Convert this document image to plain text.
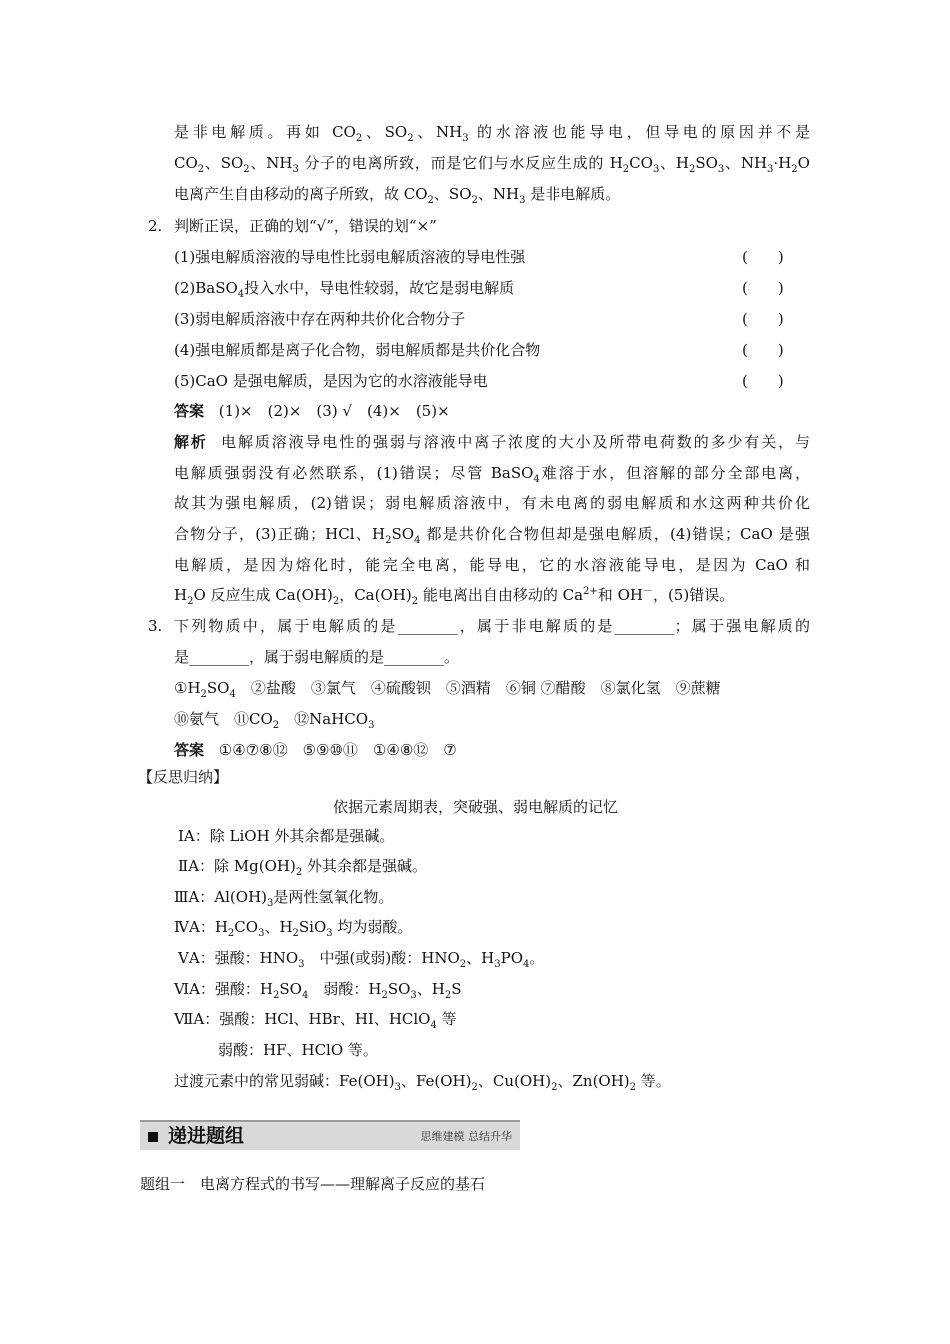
是非电解质。再如 $CO_2$、$SO_2$、$NH_3$ 的水溶液也能导电，但导电的原因并不是
$CO_2$、$SO_2$、$NH_3$ 分子的电离所致，而是它们与水反应生成的 $H_2CO_3$、$H_2SO_3$、$NH_3\cdot H_2O$
电离产生自由移动的离子所致，故 $CO_2$、$SO_2$、$NH_3$ 是非电解质。
2. 判断正误，正确的划“√”，错误的划“×”
(1)强电解质溶液的导电性比弱电解质溶液的导电性强	(　　)
(2)BaSO$_4$投入水中，导电性较弱，故它是弱电解质	(　　)
(3)弱电解质溶液中存在两种共价化合物分子	(　　)
(4)强电解质都是离子化合物，弱电解质都是共价化合物	(　　)
(5)CaO 是强电解质，是因为它的水溶液能导电	(　　)
答案 (1)×　(2)×　(3) √　(4)×　(5)×
解析 电解质溶液导电性的强弱与溶液中离子浓度的大小及所带电荷数的多少有关，与
电解质强弱没有必然联系，(1)错误；尽管 BaSO$_4$难溶于水，但溶解的部分全部电离，
故其为强电解质，(2)错误；弱电解质溶液中，有未电离的弱电解质和水这两种共价化
合物分子，(3)正确；HCl、$H_2SO_4$ 都是共价化合物但却是强电解质，(4)错误；CaO 是强
电解质，是因为熔化时，能完全电离，能导电，它的水溶液能导电，是因为 CaO 和
$H_2O$ 反应生成 $Ca(OH)_2$，$Ca(OH)_2$ 能电离出自由移动的 $Ca^{2+}$和 OH－，(5)错误。
3. 下列物质中，属于电解质的是________，属于非电解质的是________；属于强电解质的
是________，属于弱电解质的是________。
$①H_2SO_4$　②盐酸　③氯气　④硫酸钡　⑤酒精　⑥铜 ⑦醋酸　⑧氯化氢　⑨蔗糖
⑩氨气　$⑪CO_2$　⑫NaHCO$_3$
答案 ①④⑦⑧⑫　⑤⑨⑩⑪　①④⑧⑫　⑦
【反思归纳】
依据元素周期表，突破强、弱电解质的记忆
ⅠA：除 LiOH 外其余都是强碱。
ⅡA：除 $Mg(OH)_2$ 外其余都是强碱。
ⅢA：$Al(OH)_3$是两性氢氧化物。
ⅣA：$H_2CO_3$、$H_2SiO_3$ 均为弱酸。
ⅤA：强酸：$HNO_3$　中强(或弱)酸：$HNO_2$、$H_3PO_4$。
ⅥA：强酸：$H_2SO_4$　弱酸：$H_2SO_3$、$H_2S$
ⅦA：强酸：HCl、HBr、HI、HClO$_4$ 等
弱酸：HF、HClO 等。
过渡元素中的常见弱碱：$Fe(OH)_3$、$Fe(OH)_2$、$Cu(OH)_2$、$Zn(OH)_2$ 等。
递进题组	思维建模 总结升华
题组一　电离方程式的书写——理解离子反应的基石
